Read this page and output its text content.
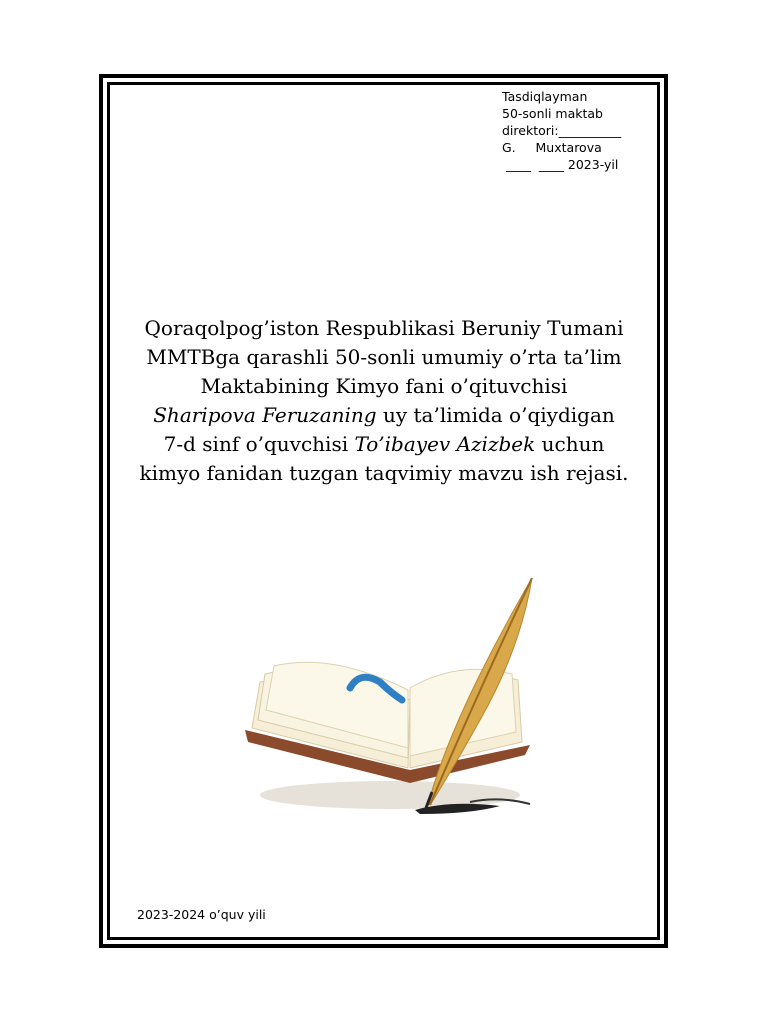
Tasdiqlayman
50-sonli maktab
direktori:__________
G.     Muxtarova
____  ____ 2023-yil
Qoraqolpog’iston Respublikasi Beruniy Tumani
MMTBga qarashli 50-sonli umumiy o’rta ta’lim
Maktabining Kimyo fani o’qituvchisi
Sharipova Feruzaning uy ta’limida o’qiydigan
7-d sinf o’quvchisi To’ibayev Azizbek uchun
kimyo fanidan tuzgan taqvimiy mavzu ish rejasi.
2023-2024 o’quv yili
